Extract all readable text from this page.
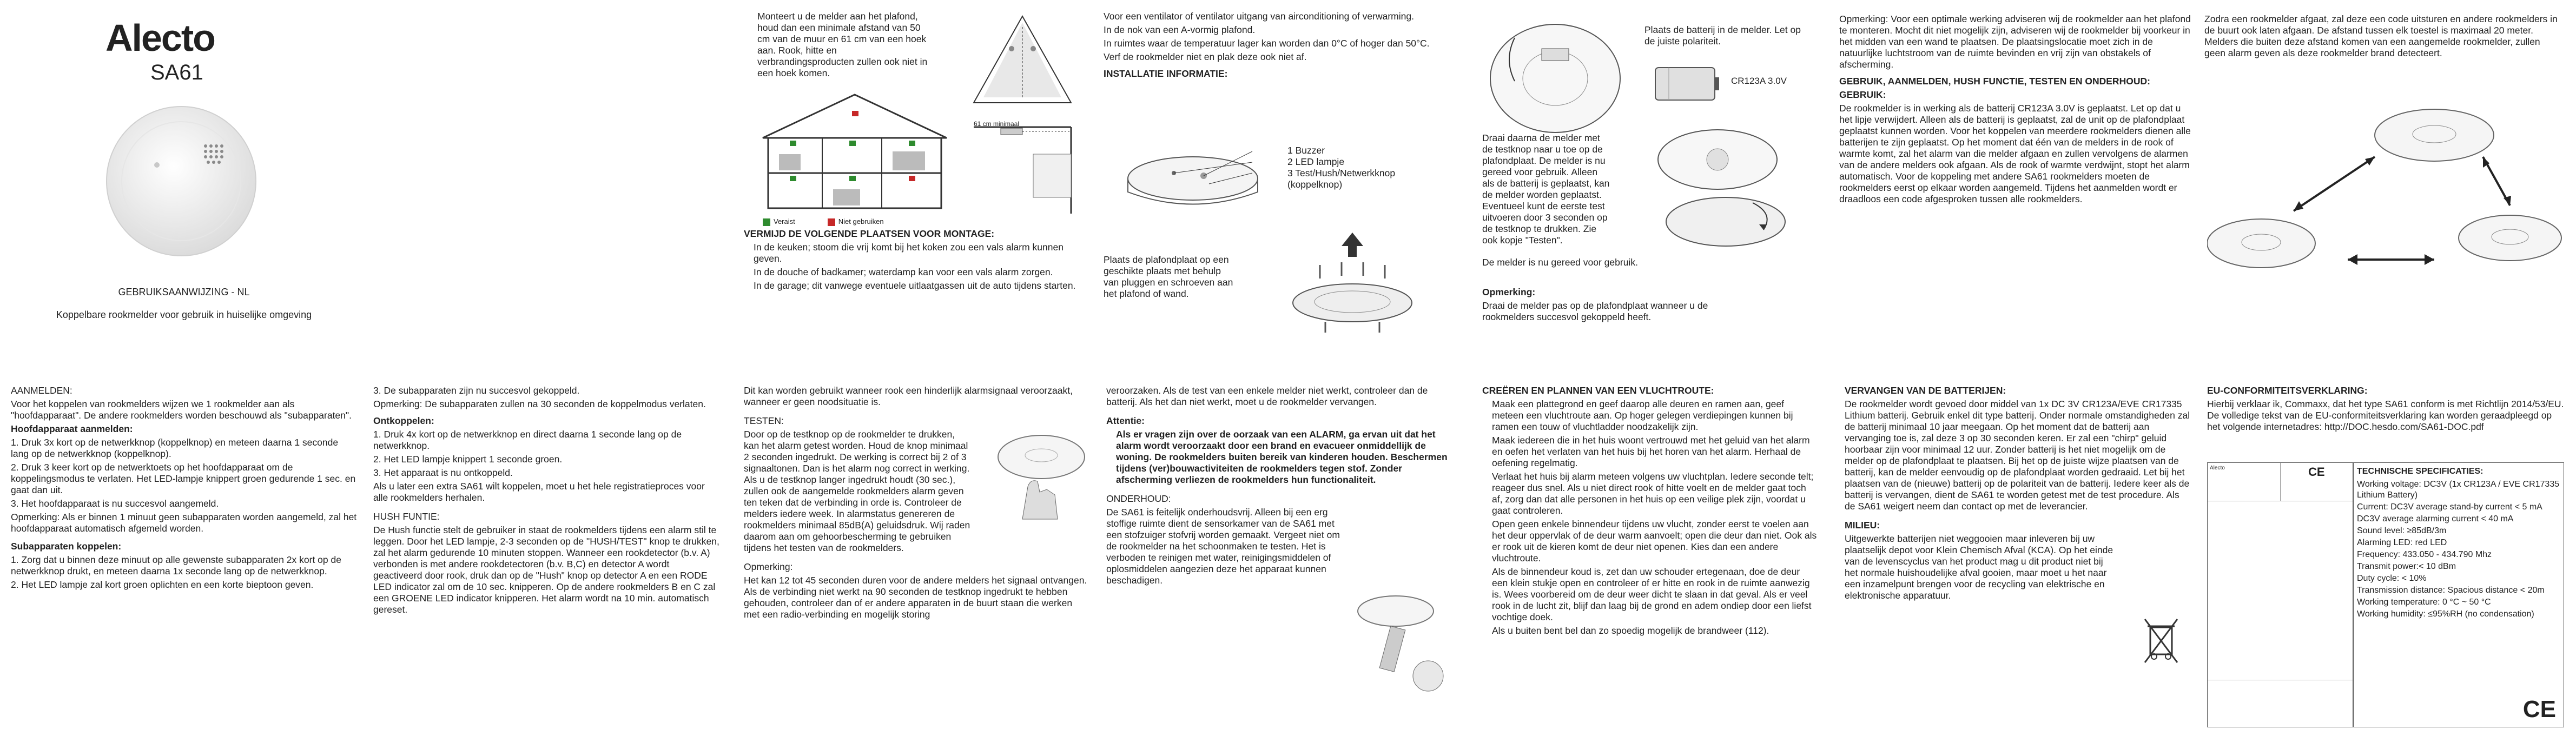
Alecto
SA61
GEBRUIKSAANWIJZING - NL
Koppelbare rookmelder voor gebruik in huiselijke omgeving

Monteert u de melder aan het plafond, houd dan een minimale afstand van 50 cm van de muur en 61 cm van een hoek aan. Rook, hitte en verbrandingsproducten zullen ook niet in een hoek komen.

Veraist	Niet gebruiken
61 cm minimaal

VERMIJD DE VOLGENDE PLAATSEN VOOR MONTAGE:

In de keuken; stoom die vrij komt bij het koken zou een vals alarm kunnen geven.

In de douche of badkamer; waterdamp kan voor een vals alarm zorgen.

In de garage; dit vanwege eventuele uitlaatgassen uit de auto tijdens starten.

Voor een ventilator of ventilator uitgang van airconditioning of verwarming.

In de nok van een A-vormig plafond.

In ruimtes waar de temperatuur lager kan worden dan 0°C of hoger dan 50°C.

Verf de rookmelder niet en plak deze ook niet af.

INSTALLATIE INFORMATIE:

1 Buzzer

2 LED lampje

3 Test/Hush/Netwerkknop (koppelknop)

Plaats de plafondplaat op een geschikte plaats met behulp van pluggen en schroeven aan het plafond of wand.
Plaats de batterij in de melder. Let op de juiste polariteit.
CR123A 3.0V
Draai daarna de melder met de testknop naar u toe op de plafondplaat. De melder is nu gereed voor gebruik. Alleen als de batterij is geplaatst, kan de melder worden geplaatst. Eventueel kunt de eerste test uitvoeren door 3 seconden op de testknop te drukken. Zie ook kopje "Testen".
De melder is nu gereed voor gebruik.

Opmerking:

Draai de melder pas op de plafondplaat wanneer u de rookmelders succesvol gekoppeld heeft.

Opmerking: Voor een optimale werking adviseren wij de rookmelder aan het plafond te monteren. Mocht dit niet mogelijk zijn, adviseren wij de rookmelder bij voorkeur in het midden van een wand te plaatsen. De plaatsingslocatie moet zich in de natuurlijke luchtstroom van de ruimte bevinden en vrij zijn van obstakels of afscherming.

GEBRUIK, AANMELDEN, HUSH FUNCTIE, TESTEN EN ONDERHOUD:

GEBRUIK:

De rookmelder is in werking als de batterij CR123A 3.0V is geplaatst. Let op dat u het lipje verwijdert. Alleen als de batterij is geplaatst, zal de unit op de plafondplaat geplaatst kunnen worden. Voor het koppelen van meerdere rookmelders dienen alle batterijen te zijn geplaatst. Op het moment dat één van de melders in de rook of warmte komt, zal het alarm van die melder afgaan en zullen vervolgens de alarmen van de andere melders ook afgaan. Als de rook of warmte verdwijnt, stopt het alarm automatisch. Voor de koppeling met andere SA61 rookmelders moeten de rookmelders eerst op elkaar worden aangemeld. Tijdens het aanmelden wordt er draadloos een code afgesproken tussen alle rookmelders.

Zodra een rookmelder afgaat, zal deze een code uitsturen en andere rookmelders in de buurt ook laten afgaan. De afstand tussen elk toestel is maximaal 20 meter. Melders die buiten deze afstand komen van een aangemelde rookmelder, zullen geen alarm geven als deze rookmelder brand detecteert.

AANMELDEN:

Voor het koppelen van rookmelders wijzen we 1 rookmelder aan als "hoofdapparaat". De andere rookmelders worden beschouwd als "subapparaten".

Hoofdapparaat aanmelden:

1. Druk 3x kort op de netwerkknop (koppelknop) en meteen daarna 1 seconde lang op de netwerkknop (koppelknop).

2. Druk 3 keer kort op de netwerktoets op het hoofdapparaat om de koppelingsmodus te verlaten. Het LED-lampje knippert groen gedurende 1 sec. en gaat dan uit.

3. Het hoofdapparaat is nu succesvol aangemeld.

Opmerking: Als er binnen 1 minuut geen subapparaten worden aangemeld, zal het hoofdapparaat automatisch afgemeld worden.

Subapparaten koppelen:

1. Zorg dat u binnen deze minuut op alle gewenste subapparaten 2x kort op de netwerkknop drukt, en meteen daarna 1x seconde lang op de netwerkknop.

2. Het LED lampje zal kort groen oplichten en een korte bieptoon geven.

3. De subapparaten zijn nu succesvol gekoppeld.

Opmerking: De subapparaten zullen na 30 seconden de koppelmodus verlaten.

Ontkoppelen:

1. Druk 4x kort op de netwerkknop en direct daarna 1 seconde lang op de netwerkknop.

2. Het LED lampje knippert 1 seconde groen.

3. Het apparaat is nu ontkoppeld.

Als u later een extra SA61 wilt koppelen, moet u het hele registratieproces voor alle rookmelders herhalen.

HUSH FUNTIE:

De Hush functie stelt de gebruiker in staat de rookmelders tijdens een alarm stil te leggen. Door het LED lampje, 2-3 seconden op de "HUSH/TEST" knop te drukken, zal het alarm gedurende 10 minuten stoppen. Wanneer een rookdetector (b.v. A) verbonden is met andere rookdetectoren (b.v. B,C) en detector A wordt geactiveerd door rook, druk dan op de "Hush" knop op detector A en een RODE LED indicator zal om de 10 sec. knipperen. Op de andere rookmelders B en C zal een GROENE LED indicator knipperen. Het alarm wordt na 10 min. automatisch gereset.

Dit kan worden gebruikt wanneer rook een hinderlijk alarmsignaal veroorzaakt, wanneer er geen noodsituatie is.

TESTEN:

Door op de testknop op de rookmelder te drukken, kan het alarm getest worden. Houd de knop minimaal 2 seconden ingedrukt. De werking is correct bij 2 of 3 signaaltonen. Dan is het alarm nog correct in werking. Als u de testknop langer ingedrukt houdt (30 sec.), zullen ook de aangemelde rookmelders alarm geven ten teken dat de verbinding in orde is. Controleer de melders iedere week. In alarmstatus genereren de rookmelders minimaal 85dB(A) geluidsdruk. Wij raden daarom aan om gehoorbescherming te gebruiken tijdens het testen van de rookmelders.

Opmerking:

Het kan 12 tot 45 seconden duren voor de andere melders het signaal ontvangen. Als de verbinding niet werkt na 90 seconden de testknop ingedrukt te hebben gehouden, controleer dan of er andere apparaten in de buurt staan die werken met een radio-verbinding en mogelijk storing

veroorzaken. Als de test van een enkele melder niet werkt, controleer dan de batterij. Als het dan niet werkt, moet u de rookmelder vervangen.

Attentie:

Als er vragen zijn over de oorzaak van een ALARM, ga ervan uit dat het alarm wordt veroorzaakt door een brand en evacueer onmiddellijk de woning. De rookmelders buiten bereik van kinderen houden. Beschermen tijdens (ver)bouwactiviteiten de rookmelders tegen stof. Zonder afscherming verliezen de rookmelders hun functionaliteit.

ONDERHOUD:

De SA61 is feitelijk onderhoudsvrij. Alleen bij een erg stoffige ruimte dient de sensorkamer van de SA61 met een stofzuiger stofvrij worden gemaakt. Vergeet niet om de rookmelder na het schoonmaken te testen. Het is verboden te reinigen met water, reinigingsmiddelen of oplosmiddelen aangezien deze het apparaat kunnen beschadigen.

CREËREN EN PLANNEN VAN EEN VLUCHTROUTE:

Maak een plattegrond en geef daarop alle deuren en ramen aan, geef meteen een vluchtroute aan. Op hoger gelegen verdiepingen kunnen bij ramen een touw of vluchtladder noodzakelijk zijn.

Maak iedereen die in het huis woont vertrouwd met het geluid van het alarm en oefen het verlaten van het huis bij het horen van het alarm. Herhaal de oefening regelmatig.

Verlaat het huis bij alarm meteen volgens uw vluchtplan. Iedere seconde telt; reageer dus snel. Als u niet direct rook of hitte voelt en de melder gaat toch af, zorg dan dat alle personen in het huis op een veilige plek zijn, voordat u gaat controleren.

Open geen enkele binnendeur tijdens uw vlucht, zonder eerst te voelen aan het deur oppervlak of de deur warm aanvoelt; open die deur dan niet. Ook als er rook uit de kieren komt de deur niet openen. Kies dan een andere vluchtroute.

Als de binnendeur koud is, zet dan uw schouder ertegenaan, doe de deur een klein stukje open en controleer of er hitte en rook in de ruimte aanwezig is. Wees voorbereid om de deur weer dicht te slaan in dat geval. Als er veel rook in de lucht zit, blijf dan laag bij de grond en adem ondiep door een liefst vochtige doek.

Als u buiten bent bel dan zo spoedig mogelijk de brandweer (112).

VERVANGEN VAN DE BATTERIJEN:

De rookmelder wordt gevoed door middel van 1x DC 3V CR123A/EVE CR17335 Lithium batterij. Gebruik enkel dit type batterij. Onder normale omstandigheden zal de batterij minimaal 10 jaar meegaan. Op het moment dat de batterij aan vervanging toe is, zal deze 3 op 30 seconden keren. Er zal een "chirp" geluid hoorbaar zijn voor minimaal 12 uur. Zonder batterij is het niet mogelijk om de melder op de plafondplaat te plaatsen. Bij het op de juiste wijze plaatsen van de batterij, kan de melder eenvoudig op de plafondplaat worden gedraaid. Let bij het plaatsen van de (nieuwe) batterij op de polariteit van de batterij. Iedere keer als de batterij is vervangen, dient de SA61 te worden getest met de test procedure. Als de SA61 weigert neem dan contact op met de leverancier.

MILIEU:

Uitgewerkte batterijen niet weggooien maar inleveren bij uw plaatselijk depot voor Klein Chemisch Afval (KCA). Op het einde van de levenscyclus van het product mag u dit product niet bij het normale huishoudelijke afval gooien, maar moet u het naar een inzamelpunt brengen voor de recycling van elektrische en elektronische apparatuur.

EU-CONFORMITEITSVERKLARING:

Hierbij verklaar ik, Commaxx, dat het type SA61 conform is met Richtlijn 2014/53/EU. De volledige tekst van de EU-conformiteitsverklaring kan worden geraadpleegd op het volgende internetadres: http://DOC.hesdo.com/SA61-DOC.pdf

Alecto	CE	TECHNISCHE SPECIFICATIES:

Working voltage: DC3V (1x CR123A / EVE CR17335 Lithium Battery)
Current: DC3V average stand-by current < 5 mA
DC3V average alarming current < 40 mA
Sound level: ≥85dB/3m
Alarming LED: red LED
Frequency: 433.050 - 434.790 Mhz
Transmit power:< 10 dBm
Duty cycle: < 10%
Transmission distance: Spacious distance < 20m
Working temperature: 0 °C ~ 50 °C
Working humidity: ≤95%RH (no condensation)
CE
